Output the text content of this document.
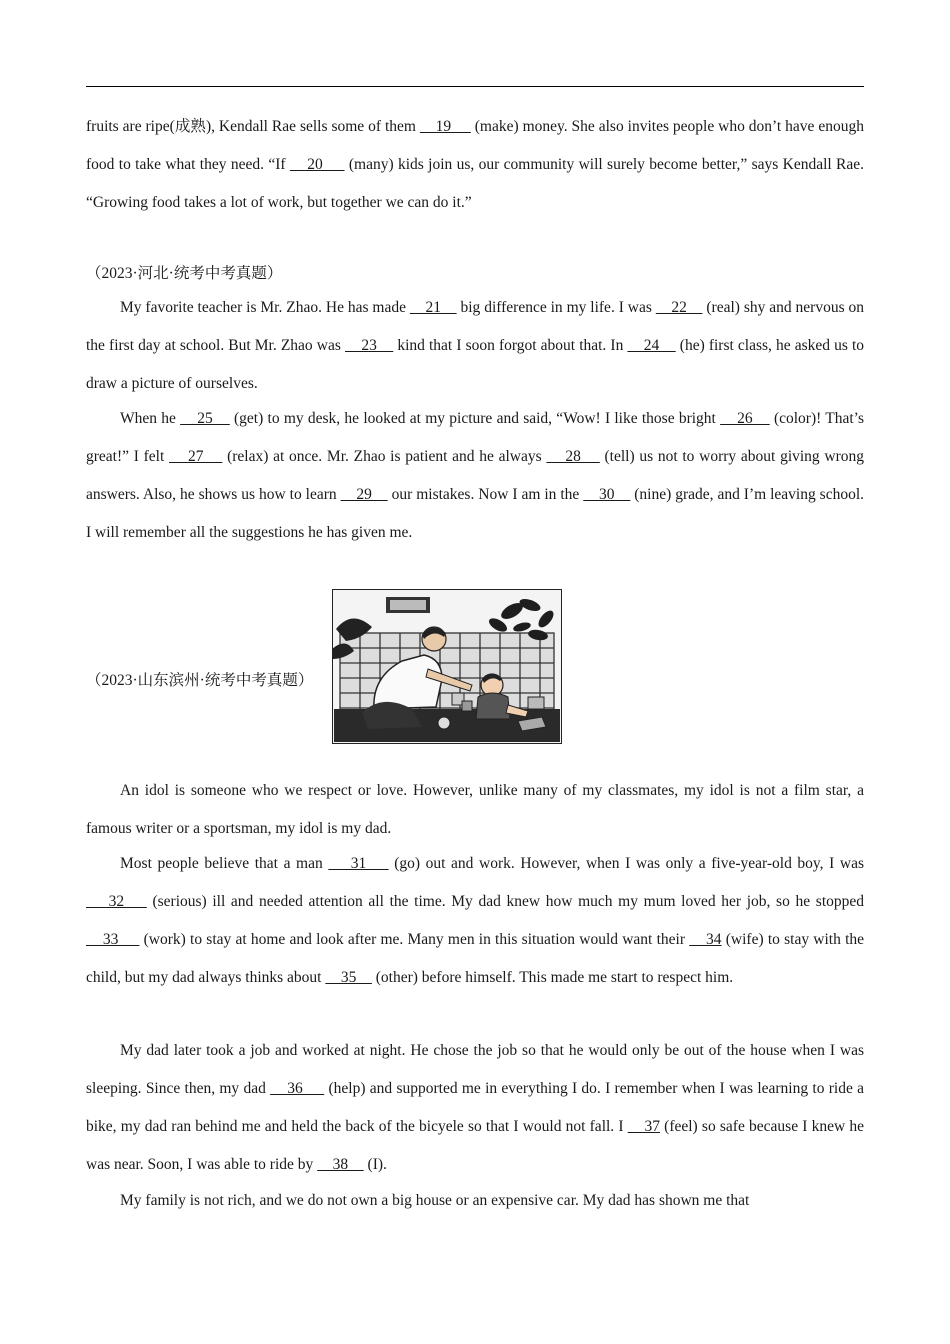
fruits are ripe(成熟), Kendall Rae sells some of them     19      (make) money. She also invites people who don’t have enough food to take what they need. “If     20      (many) kids join us, our community will surely become better,” says Kendall Rae. “Growing food takes a lot of work, but together we can do it.”

（2023·河北·统考中考真题）

My favorite teacher is Mr. Zhao. He has made     21     big difference in my life. I was     22     (real) shy and nervous on the first day at school. But Mr. Zhao was     23     kind that I soon forgot about that. In     24     (he) first class, he asked us to draw a picture of ourselves.

When he     25     (get) to my desk, he looked at my picture and said, “Wow! I like those bright     26     (color)! That’s great!” I felt     27     (relax) at once. Mr. Zhao is patient and he always     28     (tell) us not to worry about giving wrong answers. Also, he shows us how to learn     29     our mistakes. Now I am in the     30     (nine) grade, and I’m leaving school. I will remember all the suggestions he has given me.

（2023·山东滨州·统考中考真题）

An idol is someone who we respect or love. However, unlike many of my classmates, my idol is not a film star, a famous writer or a sportsman, my idol is my dad.

Most people believe that a man     31     (go) out and work. However, when I was only a five-year-old boy, I was     32     (serious) ill and needed attention all the time. My dad knew how much my mum loved her job, so he stopped     33      (work) to stay at home and look after me. Many men in this situation would want their     34 (wife) to stay with the child, but my dad always thinks about     35     (other) before himself. This made me start to respect him.

My dad later took a job and worked at night. He chose the job so that he would only be out of the house when I was sleeping. Since then, my dad     36      (help) and supported me in everything I do. I remember when I was learning to ride a bike, my dad ran behind me and held the back of the bicyele so that I would not fall. I     37 (feel) so safe because I knew he was near. Soon, I was able to ride by     38     (I).

My family is not rich, and we do not own a big house or an expensive car. My dad has shown me that
